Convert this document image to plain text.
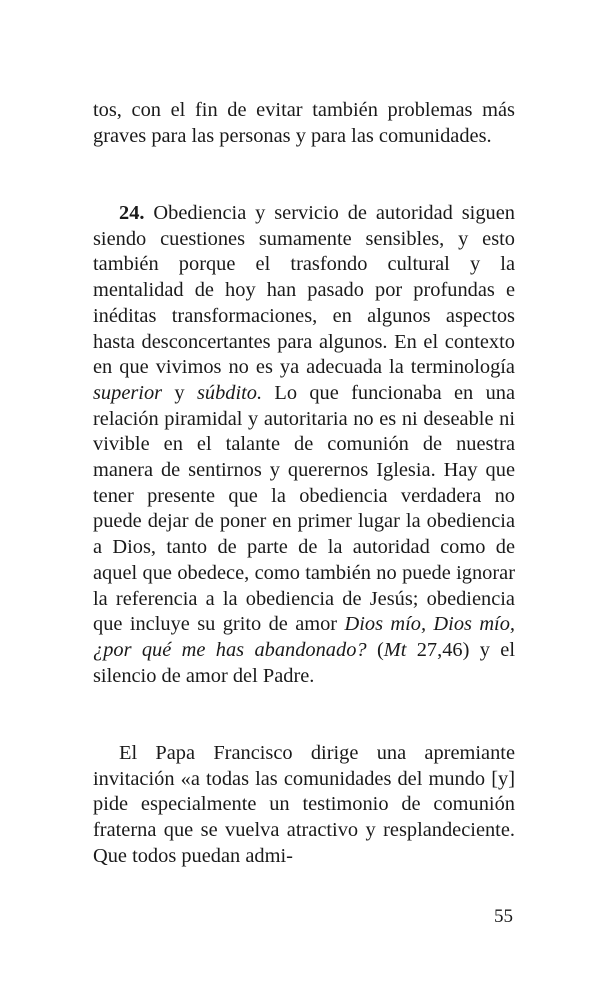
tos, con el fin de evitar también problemas más graves para las personas y para las comunidades.

24. Obediencia y servicio de autoridad siguen siendo cuestiones sumamente sensibles, y esto también porque el trasfondo cultural y la mentalidad de hoy han pasado por profundas e inéditas transformaciones, en algunos aspectos hasta desconcertantes para algunos. En el contexto en que vivimos no es ya adecuada la terminología superior y súbdito. Lo que funcionaba en una relación piramidal y autoritaria no es ni deseable ni vivible en el talante de comunión de nuestra manera de sentirnos y querernos Iglesia. Hay que tener presente que la obediencia verdadera no puede dejar de poner en primer lugar la obediencia a Dios, tanto de parte de la autoridad como de aquel que obedece, como también no puede ignorar la referencia a la obediencia de Jesús; obediencia que incluye su grito de amor Dios mío, Dios mío, ¿por qué me has abandonado? (Mt 27,46) y el silencio de amor del Padre.

El Papa Francisco dirige una apremiante invitación «a todas las comunidades del mundo [y] pide especialmente un testimonio de comunión fraterna que se vuelva atractivo y resplandeciente. Que todos puedan admi-

55
